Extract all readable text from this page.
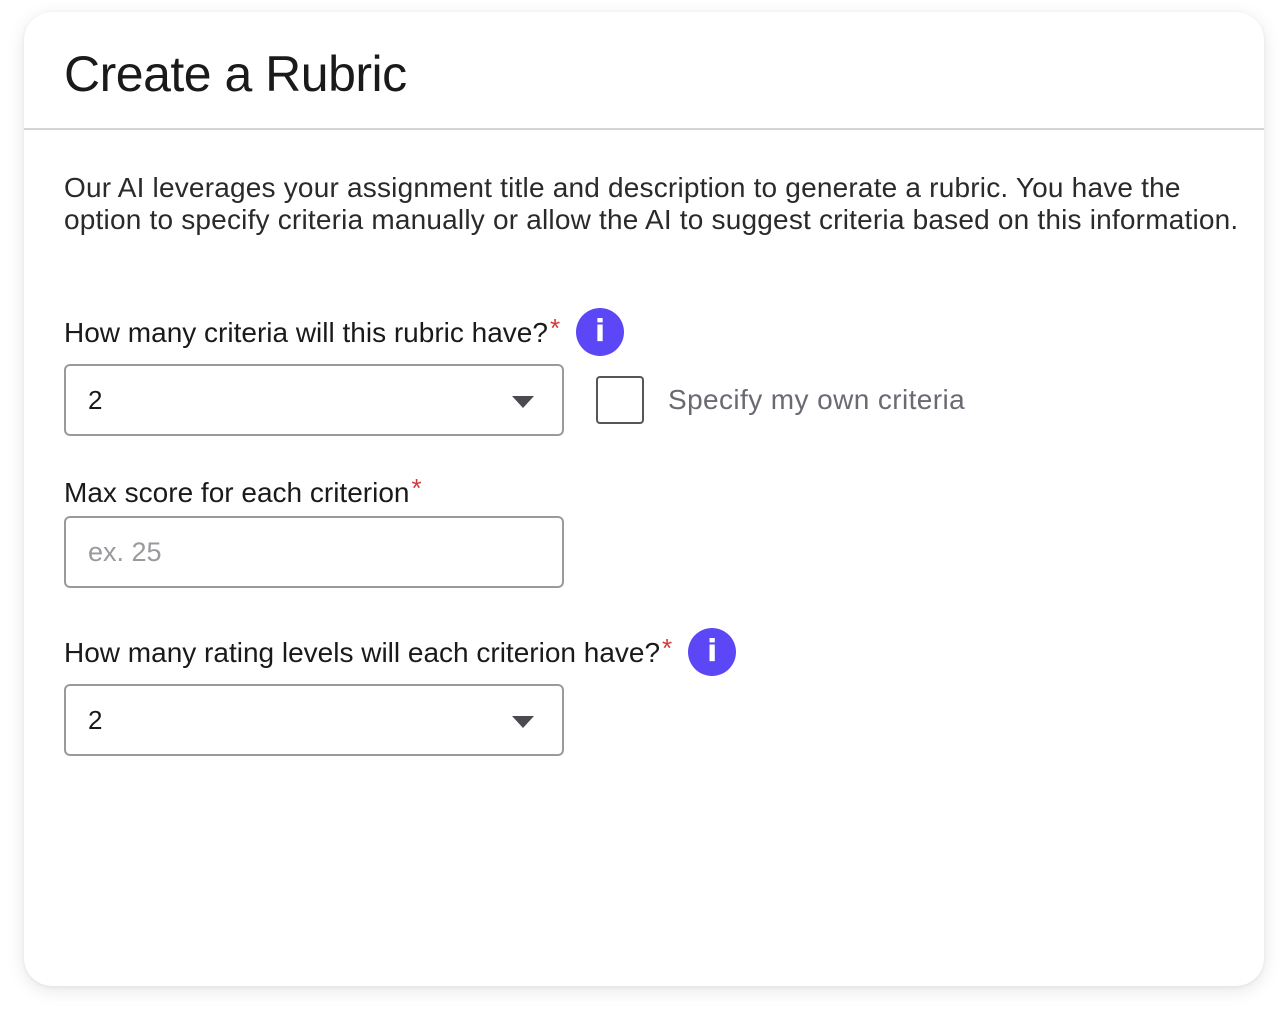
Create a Rubric

Our AI leverages your assignment title and description to generate a rubric. You have the option to specify criteria manually or allow the AI to suggest criteria based on this information.

How many criteria will this rubric have? *	i
2	Specify my own criteria
Max score for each criterion *
ex. 25
How many rating levels will each criterion have? *	i
2
